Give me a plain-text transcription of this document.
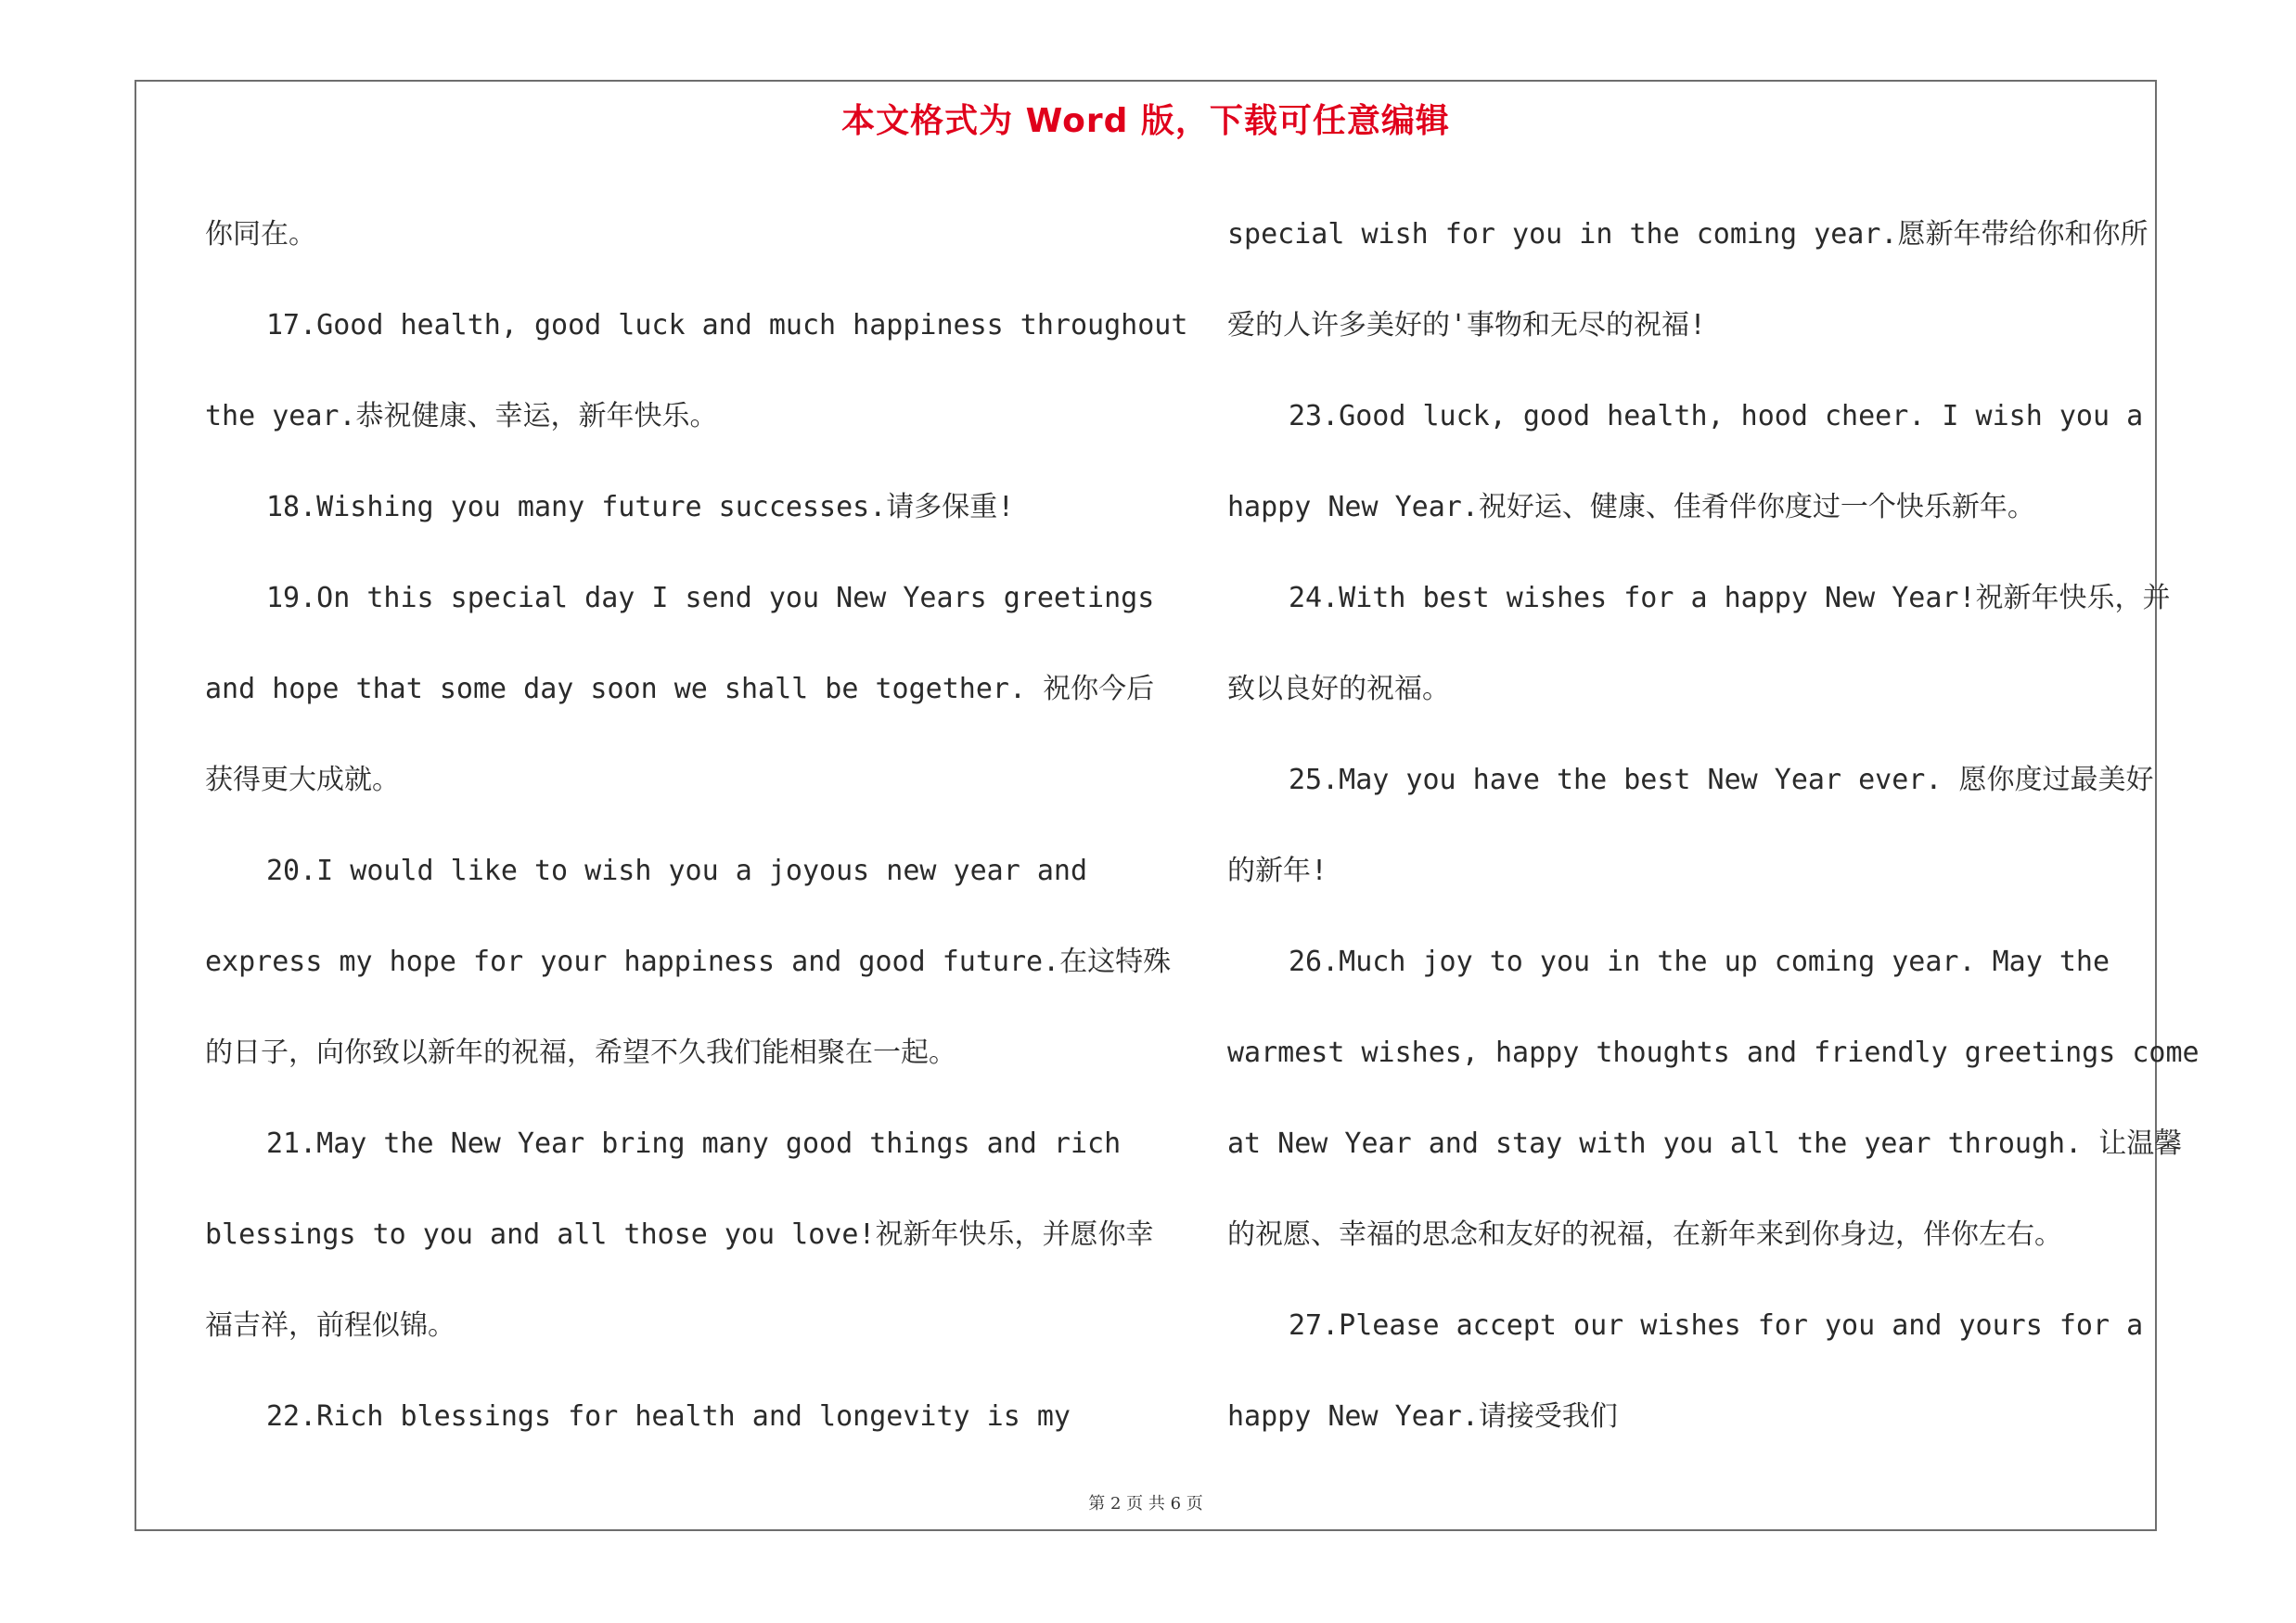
本文格式为 Word 版，下载可任意编辑
你同在。
17.Good health, good luck and much happiness throughout
the year.恭祝健康、幸运，新年快乐。
18.Wishing you many future successes.请多保重!
19.On this special day I send you New Years greetings
and hope that some day soon we shall be together. 祝你今后
获得更大成就。
20.I would like to wish you a joyous new year and
express my hope for your happiness and good future.在这特殊
的日子，向你致以新年的祝福，希望不久我们能相聚在一起。
21.May the New Year bring many good things and rich
blessings to you and all those you love!祝新年快乐，并愿你幸
福吉祥，前程似锦。
22.Rich blessings for health and longevity is my
special wish for you in the coming year.愿新年带给你和你所
爱的人许多美好的'事物和无尽的祝福!
23.Good luck, good health, hood cheer. I wish you a
happy New Year.祝好运、健康、佳肴伴你度过一个快乐新年。
24.With best wishes for a happy New Year!祝新年快乐，并
致以良好的祝福。
25.May you have the best New Year ever. 愿你度过最美好
的新年!
26.Much joy to you in the up coming year. May the
warmest wishes, happy thoughts and friendly greetings come
at New Year and stay with you all the year through. 让温馨
的祝愿、幸福的思念和友好的祝福，在新年来到你身边，伴你左右。
27.Please accept our wishes for you and yours for a
happy New Year.请接受我们
第 2 页 共 6 页
